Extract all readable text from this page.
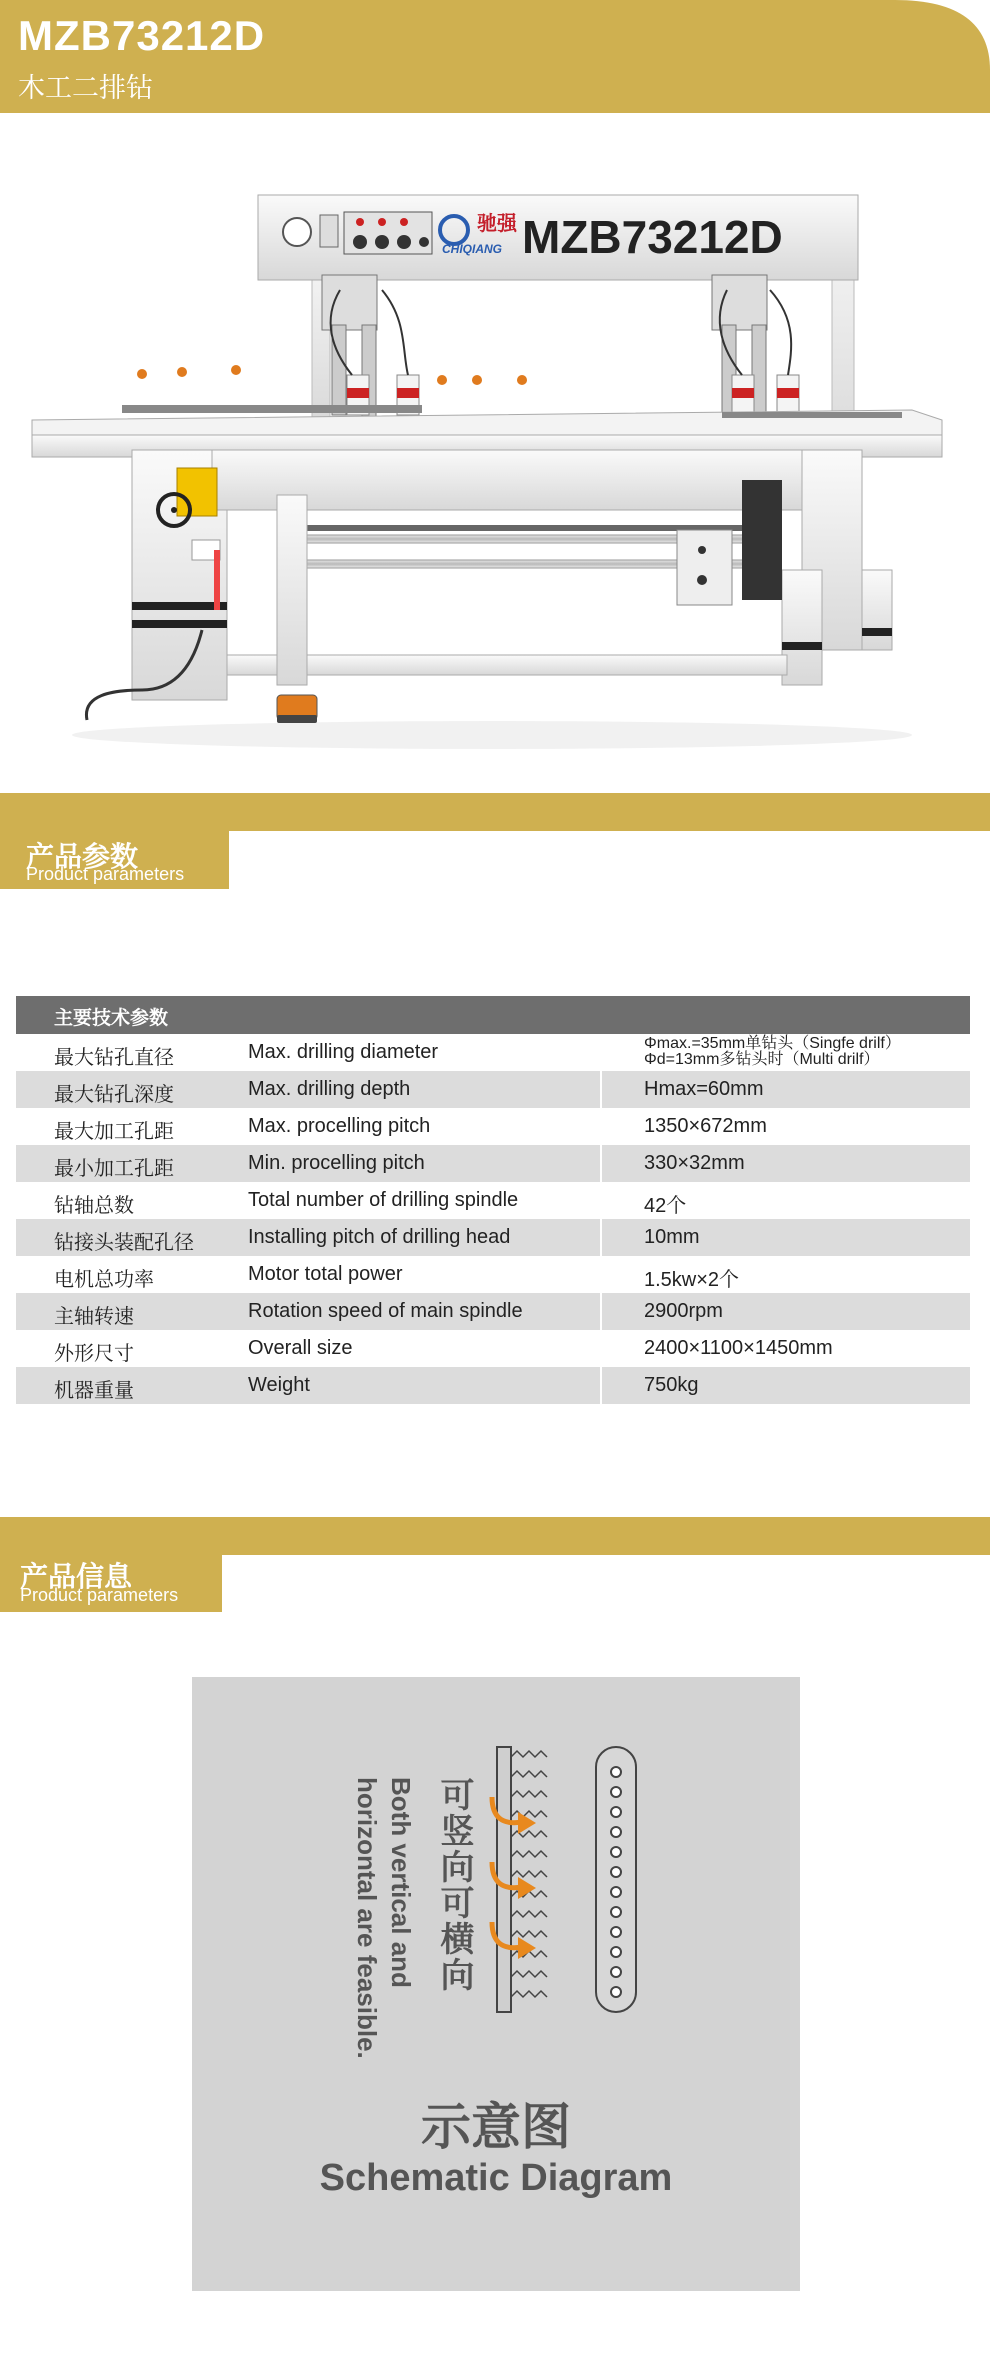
MZB73212D
木工二排钻
驰强
CHIQIANG MZB73212D
产品参数
Product parameters
主要技术参数
最大钻孔直径	Max. drilling diameter	Φmax.=35mm单钻头（Singfe drilf）
Φd=13mm多钻头时（Multi drilf）
最大钻孔深度	Max. drilling depth	Hmax=60mm
最大加工孔距	Max. procelling pitch	1350×672mm
最小加工孔距	Min. procelling pitch	330×32mm
钻轴总数	Total number of drilling spindle	42个
钻接头装配孔径	Installing pitch of drilling head	10mm
电机总功率	Motor total power	1.5kw×2个
主轴转速	Rotation speed of main spindle	2900rpm
外形尺寸	Overall size	2400×1100×1450mm
机器重量	Weight	750kg
产品信息
Product parameters
可竖向可横向
Both vertical and
horizontal are feasible.
示意图
Schematic Diagram
